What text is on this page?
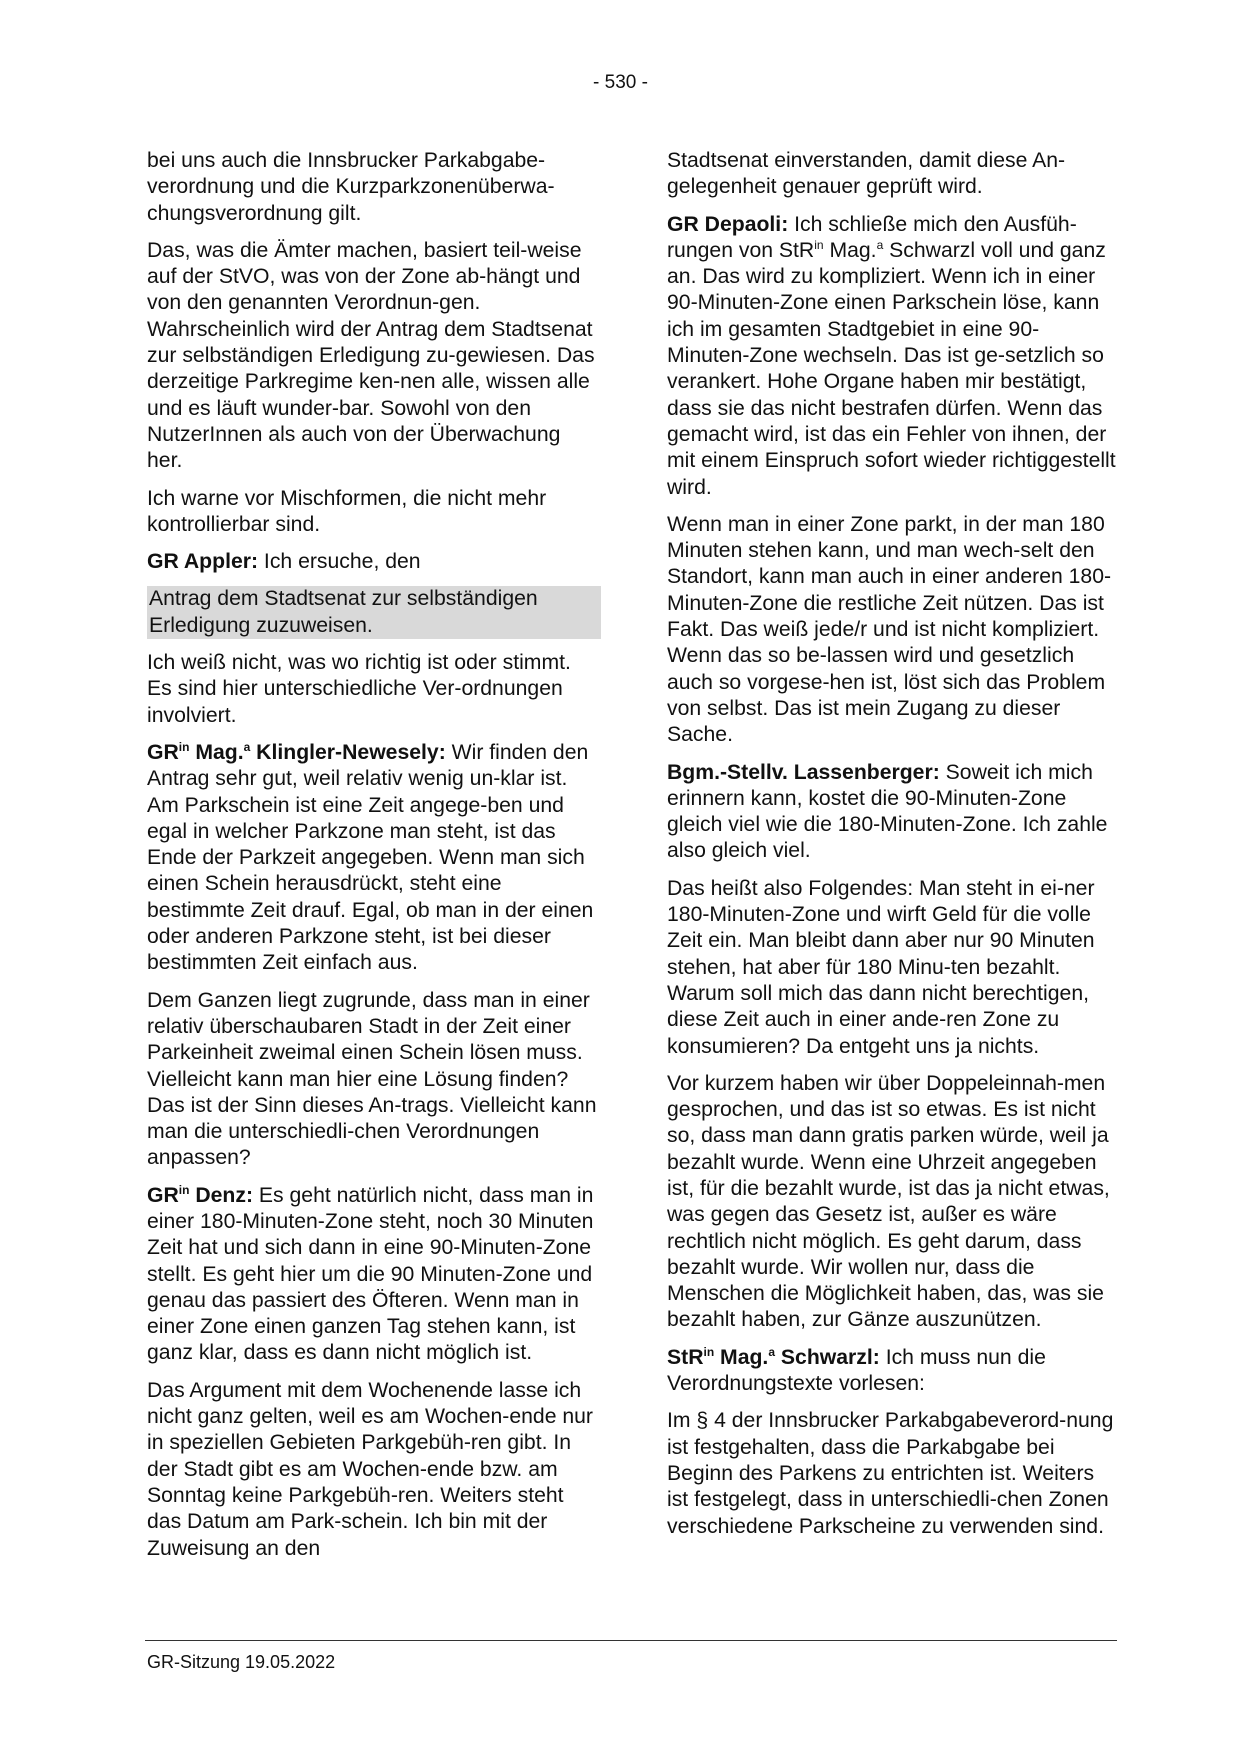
- 530 -

bei uns auch die Innsbrucker Parkabgabe-verordnung und die Kurzparkzonenüberwa-chungsverordnung gilt.

Das, was die Ämter machen, basiert teil-weise auf der StVO, was von der Zone ab-hängt und von den genannten Verordnun-gen. Wahrscheinlich wird der Antrag dem Stadtsenat zur selbständigen Erledigung zu-gewiesen. Das derzeitige Parkregime ken-nen alle, wissen alle und es läuft wunder-bar. Sowohl von den NutzerInnen als auch von der Überwachung her.

Ich warne vor Mischformen, die nicht mehr kontrollierbar sind.

GR Appler: Ich ersuche, den

Antrag dem Stadtsenat zur selbständigen Erledigung zuzuweisen.

Ich weiß nicht, was wo richtig ist oder stimmt. Es sind hier unterschiedliche Ver-ordnungen involviert.

$GR^{in}$ Mag.$^a$ Klingler-Newesely: Wir finden den Antrag sehr gut, weil relativ wenig un-klar ist. Am Parkschein ist eine Zeit angege-ben und egal in welcher Parkzone man steht, ist das Ende der Parkzeit angegeben. Wenn man sich einen Schein herausdrückt, steht eine bestimmte Zeit drauf. Egal, ob man in der einen oder anderen Parkzone steht, ist bei dieser bestimmten Zeit einfach aus.

Dem Ganzen liegt zugrunde, dass man in einer relativ überschaubaren Stadt in der Zeit einer Parkeinheit zweimal einen Schein lösen muss. Vielleicht kann man hier eine Lösung finden? Das ist der Sinn dieses An-trags. Vielleicht kann man die unterschiedli-chen Verordnungen anpassen?

$GR^{in}$ Denz: Es geht natürlich nicht, dass man in einer 180-Minuten-Zone steht, noch 30 Minuten Zeit hat und sich dann in eine 90-Minuten-Zone stellt. Es geht hier um die 90 Minuten-Zone und genau das passiert des Öfteren. Wenn man in einer Zone einen ganzen Tag stehen kann, ist ganz klar, dass es dann nicht möglich ist.

Das Argument mit dem Wochenende lasse ich nicht ganz gelten, weil es am Wochen-ende nur in speziellen Gebieten Parkgebüh-ren gibt. In der Stadt gibt es am Wochen-ende bzw. am Sonntag keine Parkgebüh-ren. Weiters steht das Datum am Park-schein. Ich bin mit der Zuweisung an den

Stadtsenat einverstanden, damit diese An-gelegenheit genauer geprüft wird.

GR Depaoli: Ich schließe mich den Ausfüh-rungen von StR$^{in}$ Mag.$^a$ Schwarzl voll und ganz an. Das wird zu kompliziert. Wenn ich in einer 90-Minuten-Zone einen Parkschein löse, kann ich im gesamten Stadtgebiet in eine 90-Minuten-Zone wechseln. Das ist ge-setzlich so verankert. Hohe Organe haben mir bestätigt, dass sie das nicht bestrafen dürfen. Wenn das gemacht wird, ist das ein Fehler von ihnen, der mit einem Einspruch sofort wieder richtiggestellt wird.

Wenn man in einer Zone parkt, in der man 180 Minuten stehen kann, und man wech-selt den Standort, kann man auch in einer anderen 180-Minuten-Zone die restliche Zeit nützen. Das ist Fakt. Das weiß jede/r und ist nicht kompliziert. Wenn das so be-lassen wird und gesetzlich auch so vorgese-hen ist, löst sich das Problem von selbst. Das ist mein Zugang zu dieser Sache.

Bgm.-Stellv. Lassenberger: Soweit ich mich erinnern kann, kostet die 90-Minuten-Zone gleich viel wie die 180-Minuten-Zone. Ich zahle also gleich viel.

Das heißt also Folgendes: Man steht in ei-ner 180-Minuten-Zone und wirft Geld für die volle Zeit ein. Man bleibt dann aber nur 90 Minuten stehen, hat aber für 180 Minu-ten bezahlt. Warum soll mich das dann nicht berechtigen, diese Zeit auch in einer ande-ren Zone zu konsumieren? Da entgeht uns ja nichts.

Vor kurzem haben wir über Doppeleinnah-men gesprochen, und das ist so etwas. Es ist nicht so, dass man dann gratis parken würde, weil ja bezahlt wurde. Wenn eine Uhrzeit angegeben ist, für die bezahlt wurde, ist das ja nicht etwas, was gegen das Gesetz ist, außer es wäre rechtlich nicht möglich. Es geht darum, dass bezahlt wurde. Wir wollen nur, dass die Menschen die Möglichkeit haben, das, was sie bezahlt haben, zur Gänze auszunützen.

StR$^{in}$ Mag.$^a$ Schwarzl: Ich muss nun die Verordnungstexte vorlesen:

Im § 4 der Innsbrucker Parkabgabeverord-nung ist festgehalten, dass die Parkabgabe bei Beginn des Parkens zu entrichten ist. Weiters ist festgelegt, dass in unterschiedli-chen Zonen verschiedene Parkscheine zu verwenden sind.

GR-Sitzung 19.05.2022
